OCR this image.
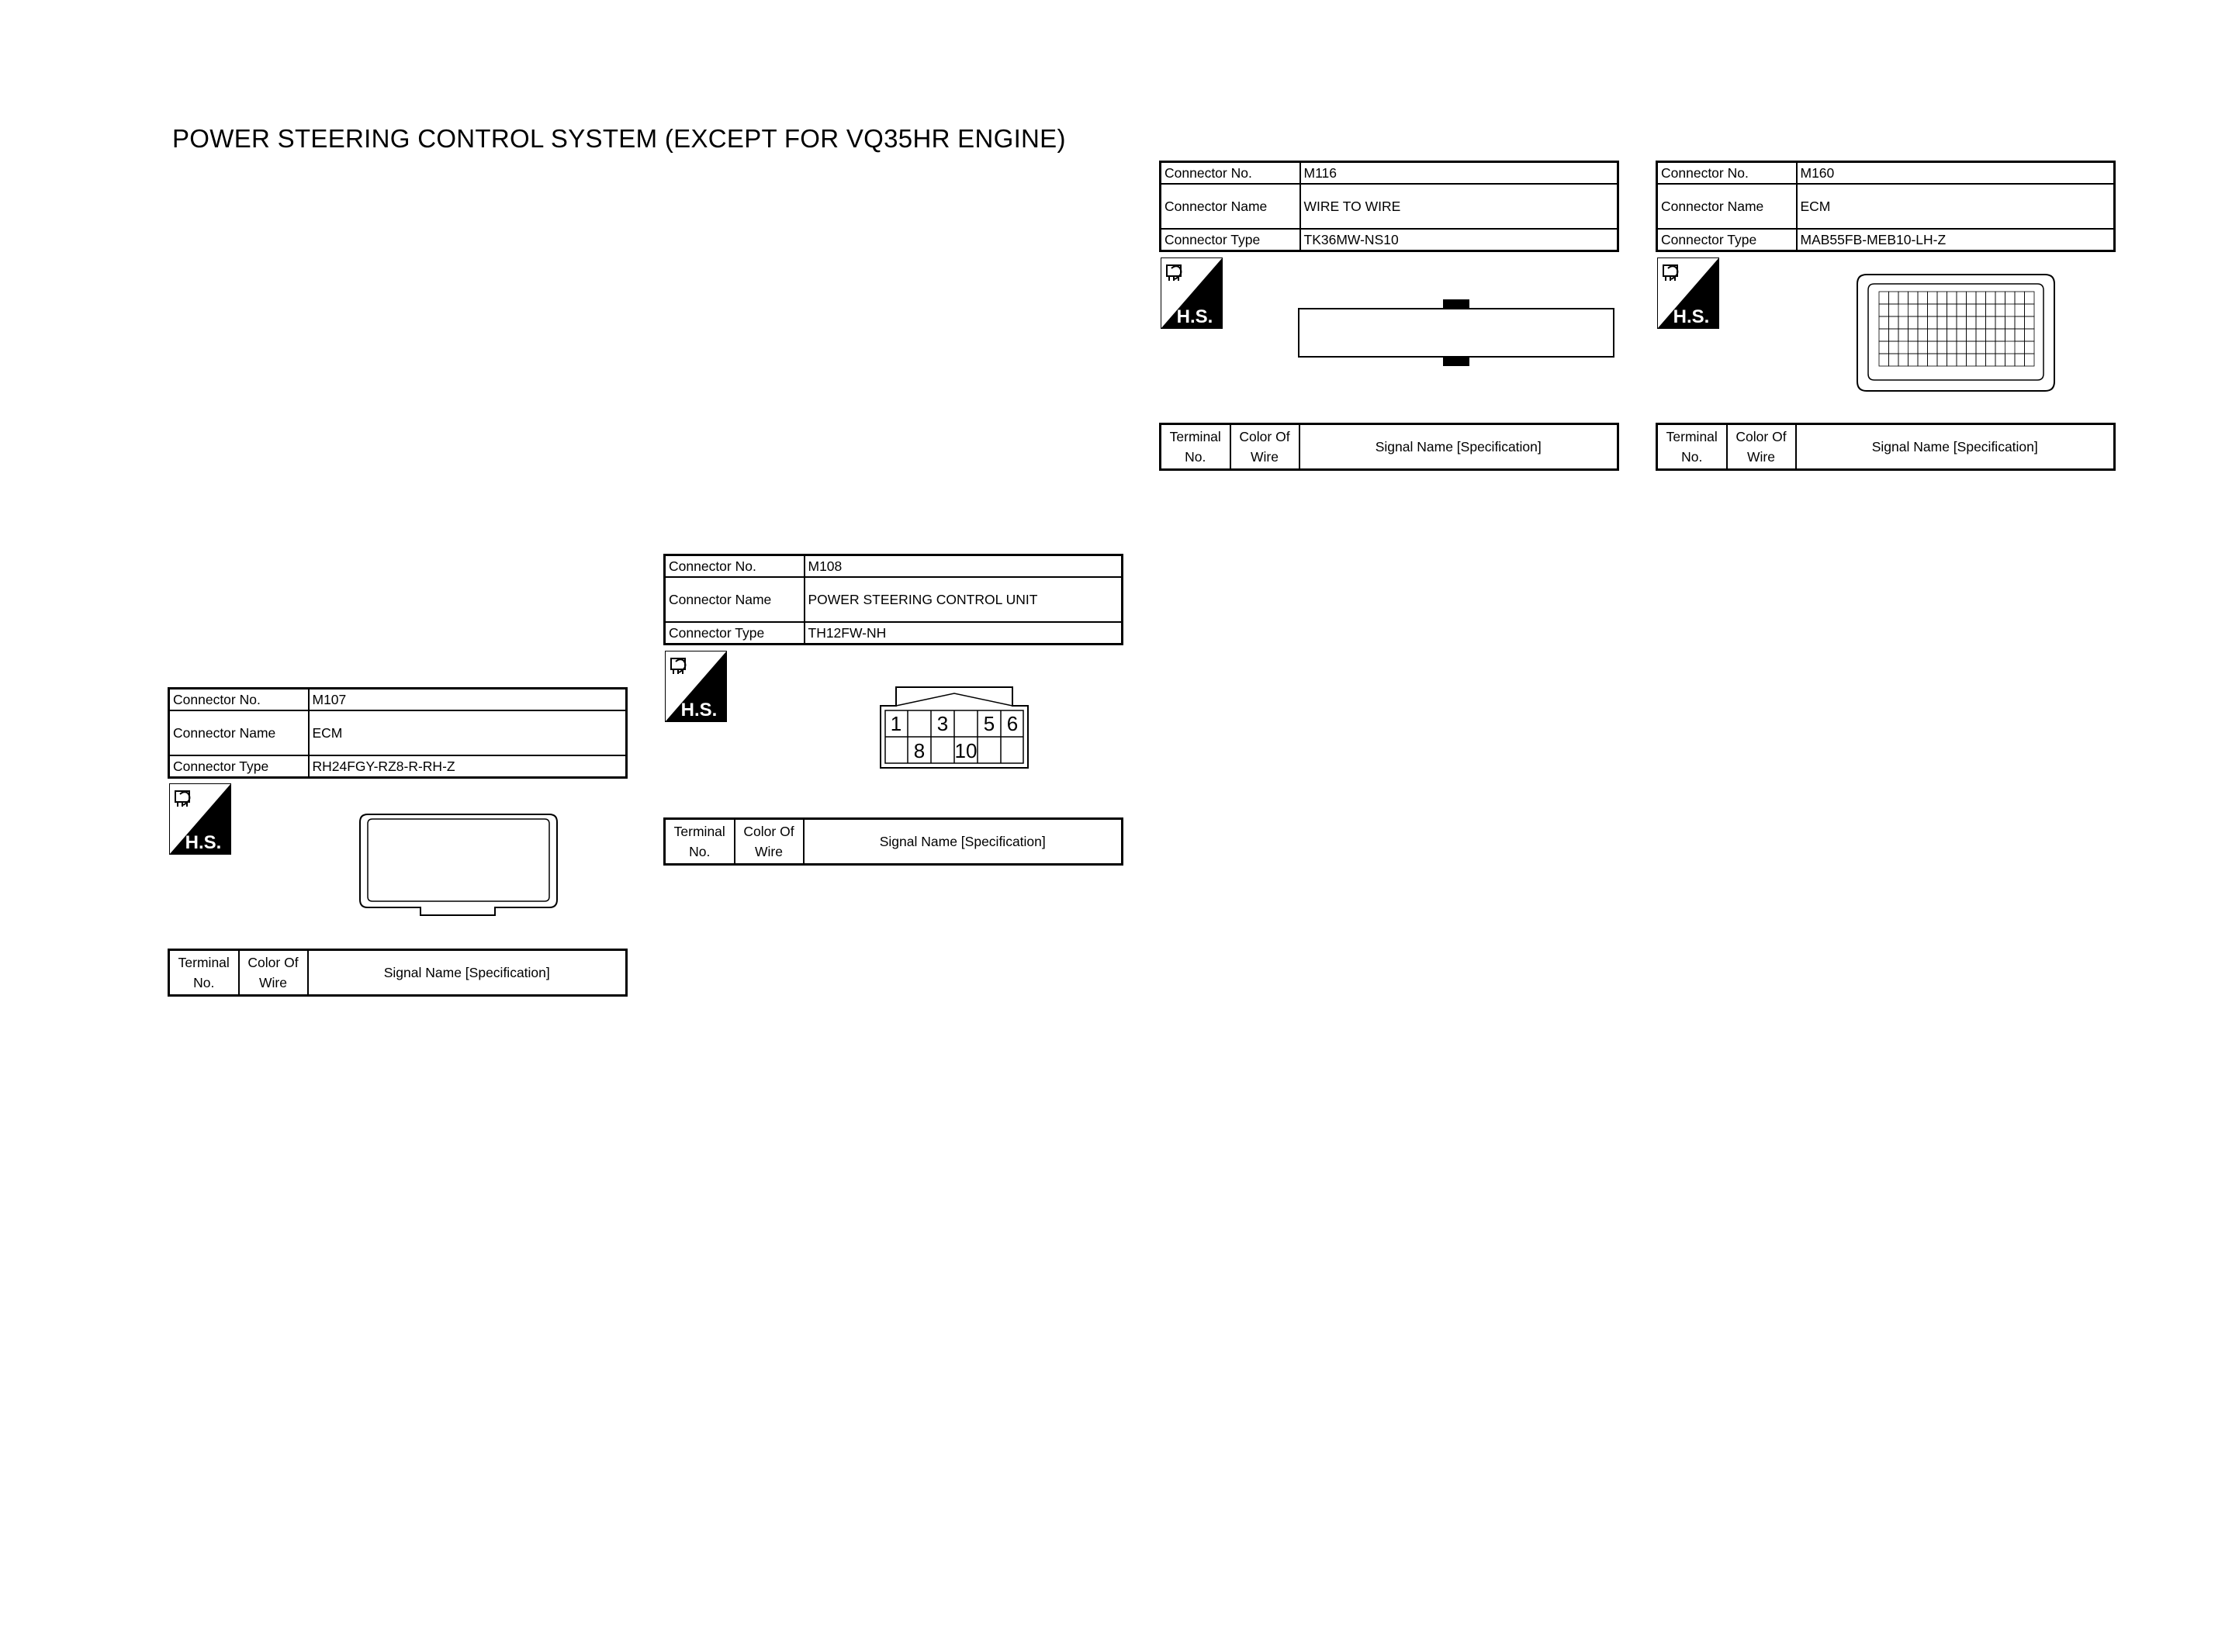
POWER STEERING CONTROL SYSTEM (EXCEPT FOR VQ35HR ENGINE)
Connector No.	M107
Connector Name	ECM
Connector Type	RH24FGY-RZ8-R-RH-Z
Connector No.	M108
Connector Name	POWER STEERING CONTROL UNIT
Connector Type	TH12FW-NH
Connector No.	M116
Connector Name	WIRE TO WIRE
Connector Type	TK36MW-NS10
Connector No.	M160
Connector Name	ECM
Connector Type	MAB55FB-MEB10-LH-Z
H.S.
H.S.
H.S.	H.S.
1 3 5 6
8 10
Terminal No.	Color Of Wire	Signal Name [Specification]
Terminal No.	Color Of Wire	Signal Name [Specification]
Terminal No.	Color Of Wire	Signal Name [Specification]
Terminal No.	Color Of Wire	Signal Name [Specification]
